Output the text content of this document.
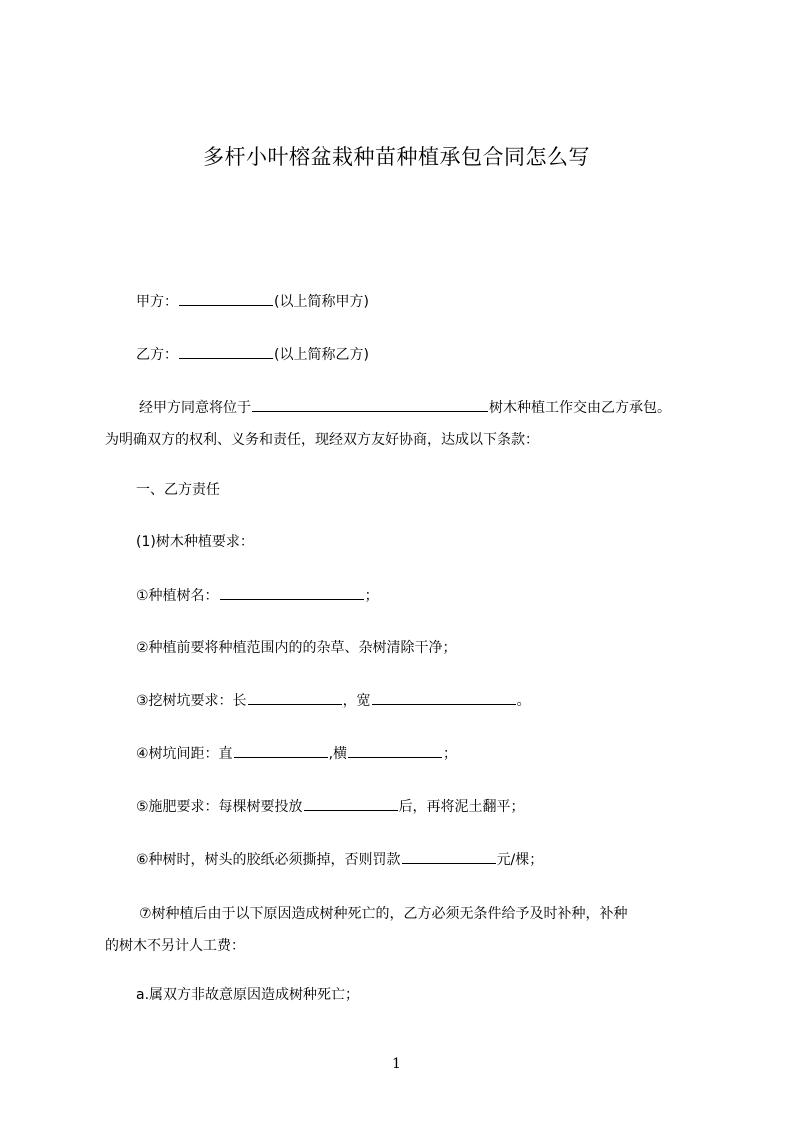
多杆小叶榕盆栽种苗种植承包合同怎么写
甲方：	(以上简称甲方)
乙方：	(以上简称乙方)
经甲方同意将位于	树木种植工作交由乙方承包。
为明确双方的权利、义务和责任，现经双方友好协商，达成以下条款：
一、乙方责任
(1)树木种植要求：
①种植树名：	；
②种植前要将种植范围内的的杂草、杂树清除干净；
③挖树坑要求：长	，宽	。
④树坑间距：直	,横	；
⑤施肥要求：每棵树要投放	后，再将泥土翻平；
⑥种树时，树头的胶纸必须撕掉，否则罚款	元/棵；
⑦树种植后由于以下原因造成树种死亡的，乙方必须无条件给予及时补种，补种
的树木不另计人工费：
a.属双方非故意原因造成树种死亡；
1
